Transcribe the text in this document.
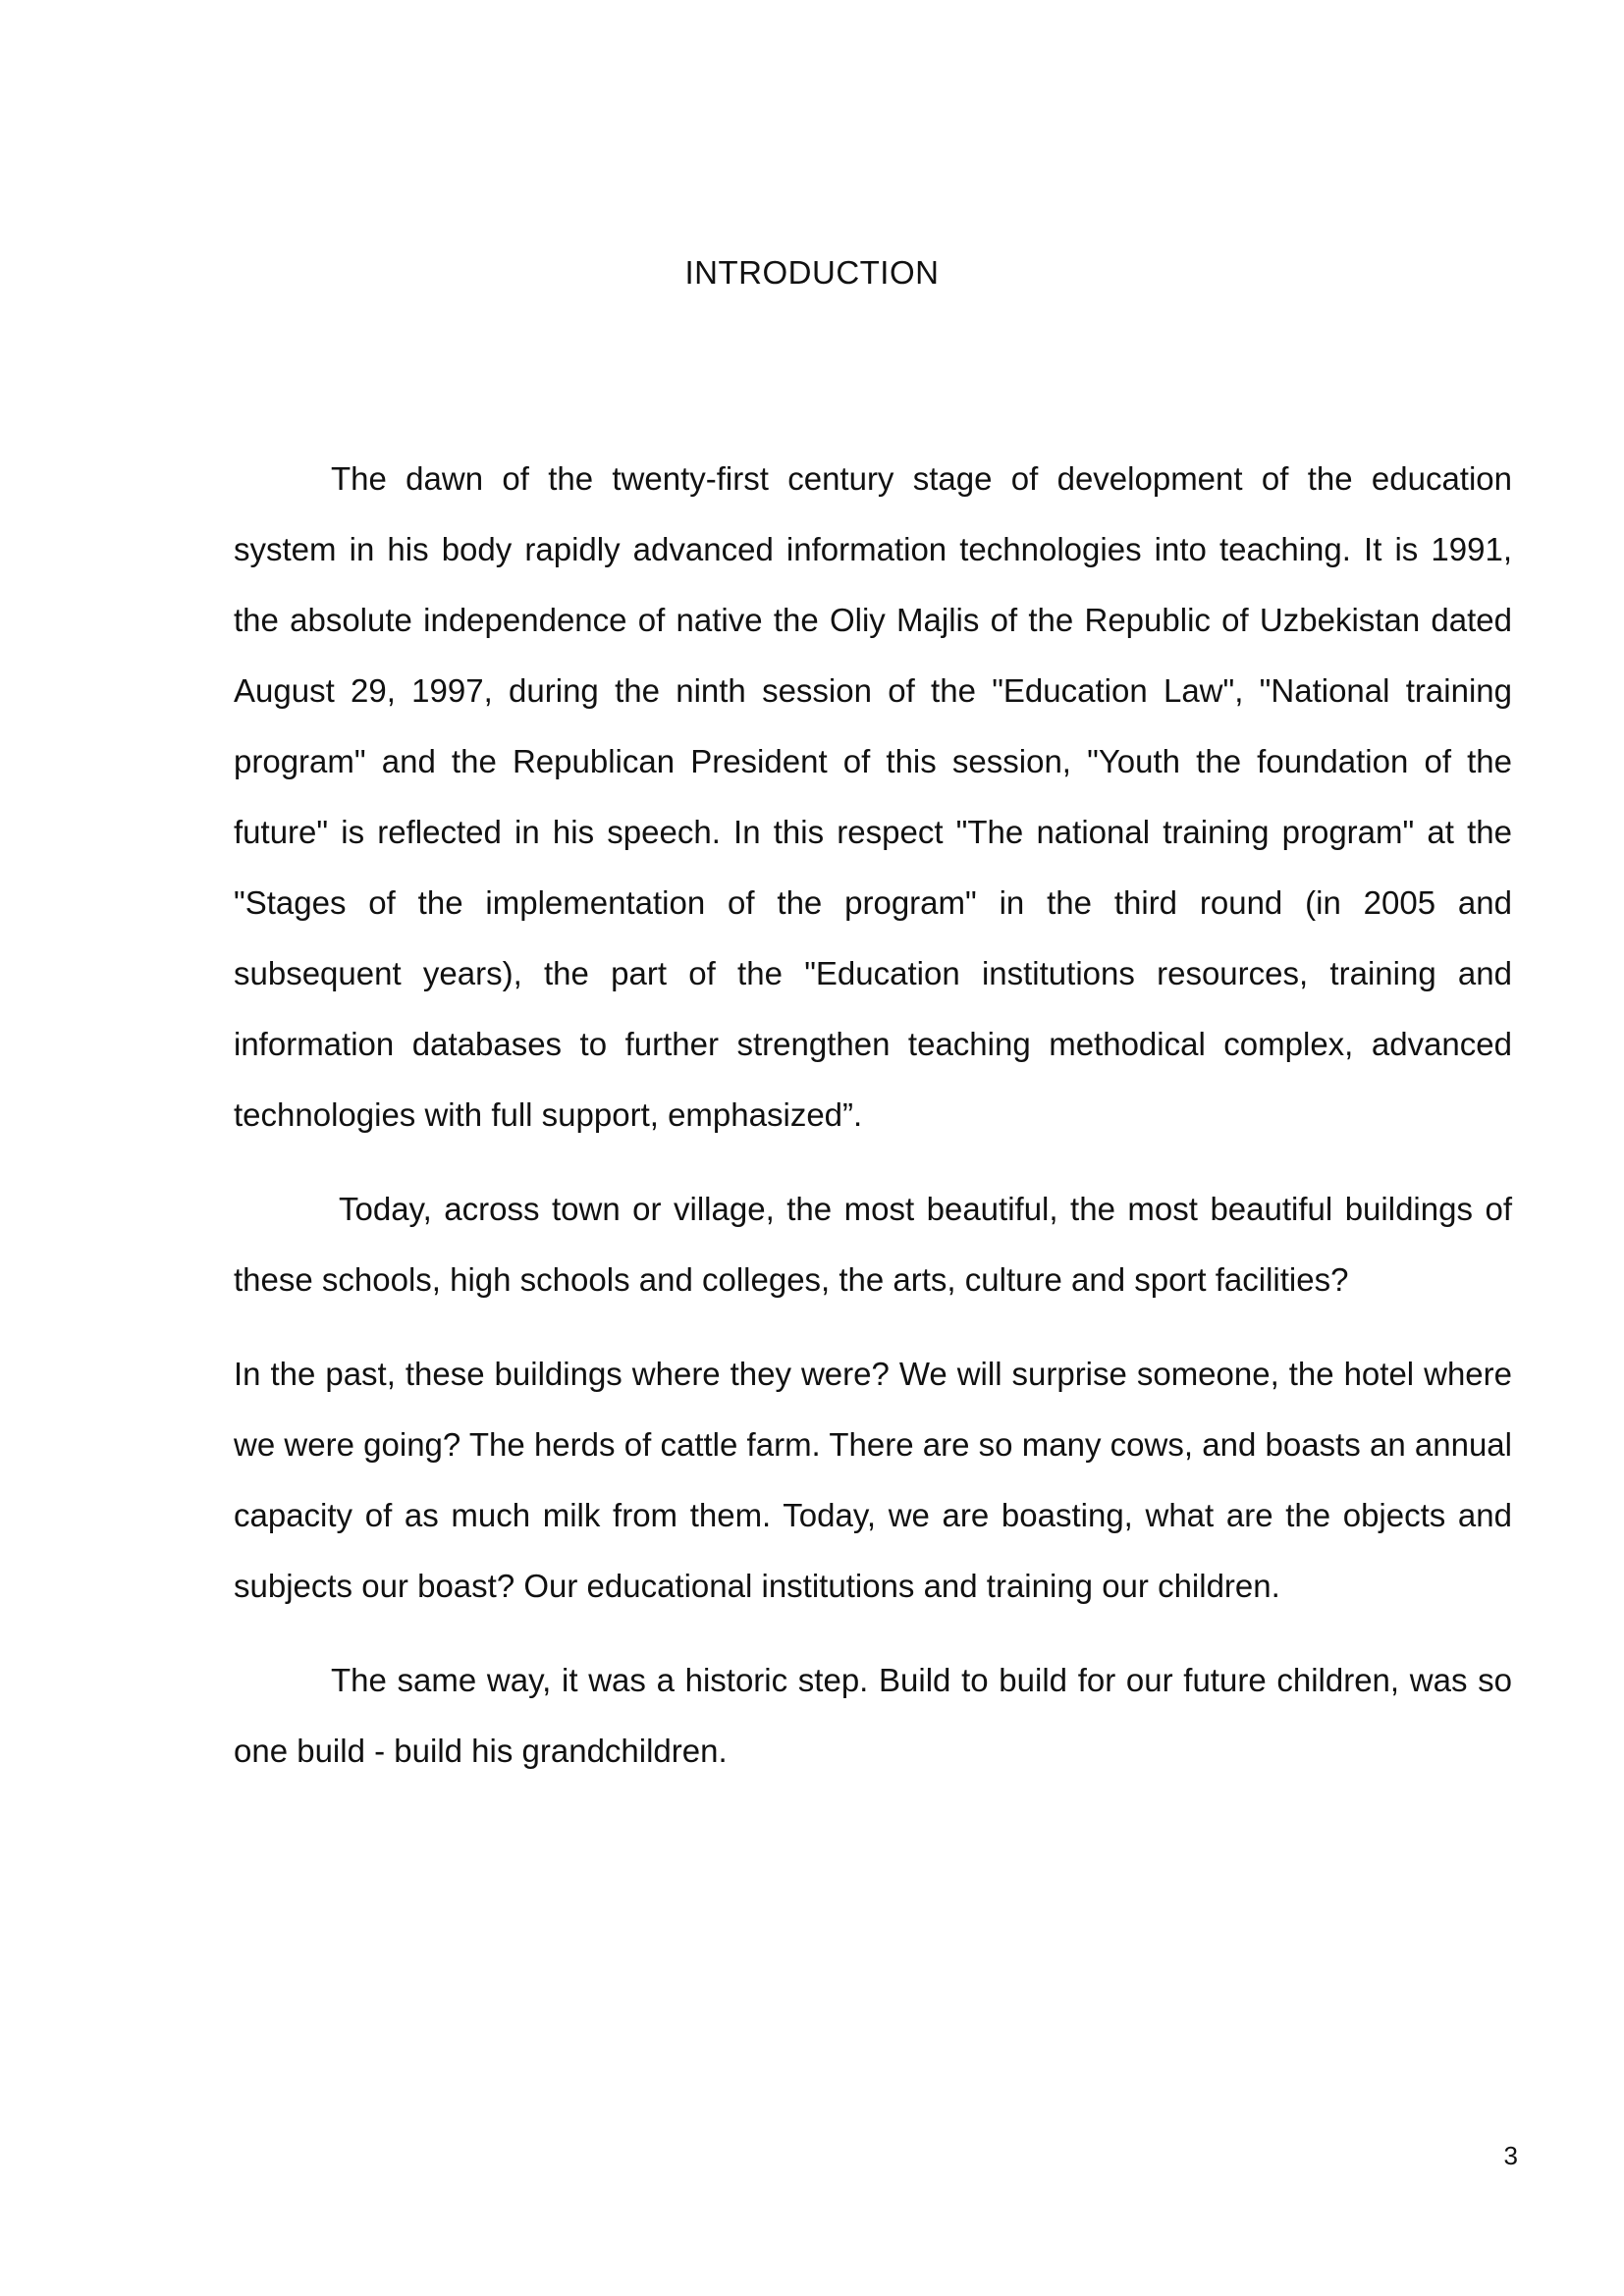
INTRODUCTION

The dawn of the twenty-first century stage of development of the education system in his body rapidly advanced information technologies into teaching. It is 1991, the absolute independence of native the Oliy Majlis of the Republic of Uzbekistan dated August 29, 1997, during the ninth session of the "Education Law", "National training program" and the Republican President of this session, "Youth the foundation of the future" is reflected in his speech. In this respect "The national training program" at the "Stages of the implementation of the program" in the third round (in 2005 and subsequent years), the part of the "Education institutions resources, training and information databases to further strengthen teaching methodical complex, advanced technologies with full support, emphasized”.

Today, across town or village, the most beautiful, the most beautiful buildings of these schools, high schools and colleges, the arts, culture and sport facilities?

In the past, these buildings where they were? We will surprise someone, the hotel where we were going? The herds of cattle farm. There are so many cows, and boasts an annual capacity of as much milk from them. Today, we are boasting, what are the objects and subjects our boast? Our educational institutions and training our children.

The same way, it was a historic step. Build to build for our future children, was so one build - build his grandchildren.

3
